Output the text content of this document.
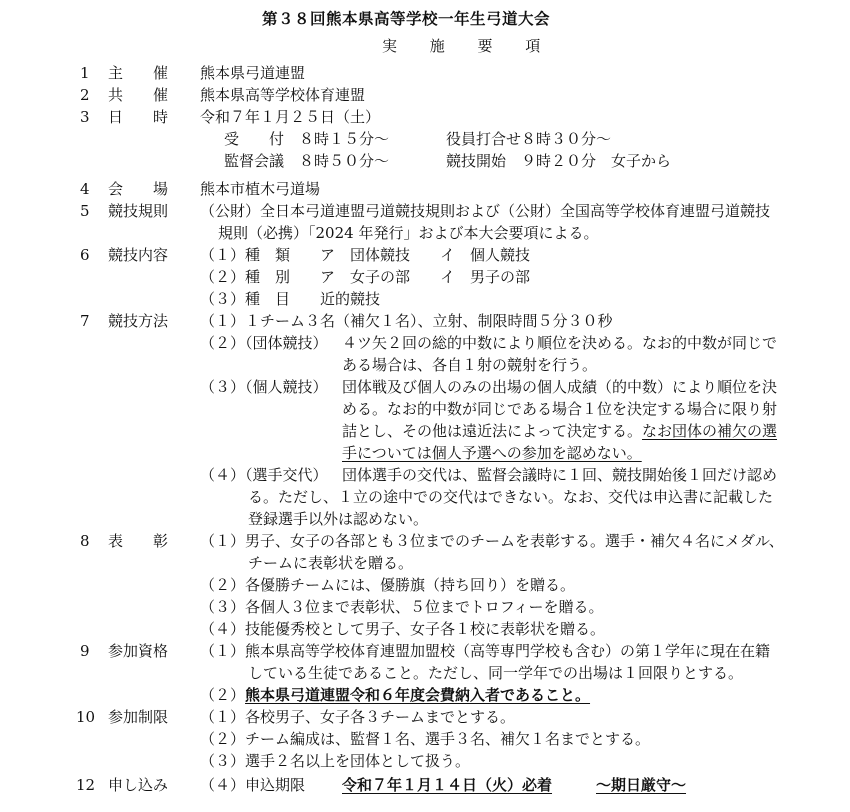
第３８回熊本県高等学校一年生弓道大会
実 施 要 項
1 主　　催 熊本県弓道連盟
2 共　　催 熊本県高等学校体育連盟
3 日　　時 令和７年１月２５日（土）
受　　付　８時１５分〜	役員打合せ８時３０分〜
監督会議　８時５０分〜	競技開始　９時２０分　女子から
4 会　　場 熊本市植木弓道場
5 競技規則 （公財）全日本弓道連盟弓道競技規則および（公財）全国高等学校体育連盟弓道競技
規則（必携）「2024 年発行」および本大会要項による。
6 競技内容 （１）種　類　　ア　団体競技　　イ　個人競技
（２）種　別　　ア　女子の部　　イ　男子の部
（３）種　目　　近的競技
7 競技方法 （１）１チーム３名（補欠１名）、立射、制限時間５分３０秒
（２）（団体競技） ４ツ矢２回の総的中数により順位を決める。なお的中数が同じで
ある場合は、各自１射の競射を行う。
（３）（個人競技） 団体戦及び個人のみの出場の個人成績（的中数）により順位を決
める。なお的中数が同じである場合１位を決定する場合に限り射
詰とし、その他は遠近法によって決定する。なお団体の補欠の選
手については個人予選への参加を認めない。
（４）（選手交代） 団体選手の交代は、監督会議時に１回、競技開始後１回だけ認め
る。ただし、１立の途中での交代はできない。なお、交代は申込書に記載した
登録選手以外は認めない。
8 表　　彰 （１）男子、女子の各部とも３位までのチームを表彰する。選手・補欠４名にメダル、
チームに表彰状を贈る。
（２）各優勝チームには、優勝旗（持ち回り）を贈る。
（３）各個人３位まで表彰状、５位までトロフィーを贈る。
（４）技能優秀校として男子、女子各１校に表彰状を贈る。
9 参加資格 （１）熊本県高等学校体育連盟加盟校（高等専門学校も含む）の第１学年に現在在籍
している生徒であること。ただし、同一学年での出場は１回限りとする。
（２）熊本県弓道連盟令和６年度会費納入者であること。
10 参加制限 （１）各校男子、女子各３チームまでとする。
（２）チーム編成は、監督１名、選手３名、補欠１名までとする。
（３）選手２名以上を団体として扱う。
12 申し込み （４）申込期限 令和７年１月１４日（火）必着	〜期日厳守〜
